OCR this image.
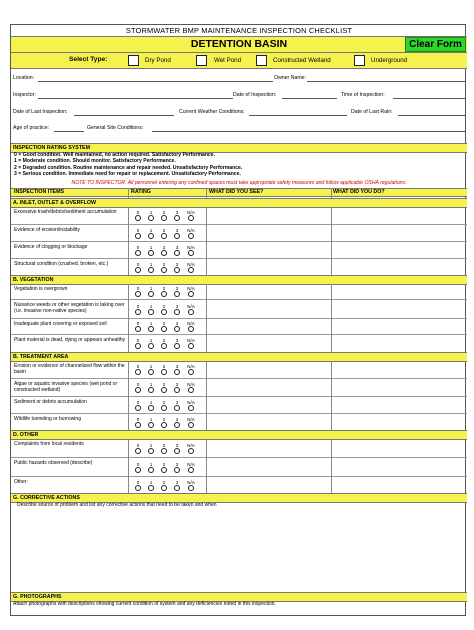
STORMWATER BMP MAINTENANCE INSPECTION CHECKLIST
DETENTION BASIN	Clear Form
Select Type:	Dry Pond	Wet Pond	Constructed Wetland	Underground
Location:	Owner Name:
Inspector:	Date of Inspection:	Time of Inspection:
Date of Last Inspection:	Current Weather Conditions:	Date of Last Rain:
Age of practice:	General Site Conditions:
INSPECTION RATING SYSTEM
0 = Good condition. Well maintained, no action required. Satisfactory Performance.
1 = Moderate condition. Should monitor. Satisfactory Performance.
2 = Degraded condition. Routine maintenance and repair needed. Unsatisfactory Performance.
3 = Serious condition. Immediate need for repair or replacement. Unsatisfactory Performance.
NOTE TO INSPECTOR: All personnel entering any confined spaces must take appropriate safety measures and follow applicable OSHA regulations.
INSPECTION ITEMS	RATING	WHAT DID YOU SEE?	WHAT DID YOU DO?
A. INLET, OUTLET & OVERFLOW
Excessive trash/debris/sediment accumulation	0	1	2	3	N/A
Evidence of erosion/instability	0	1	2	3	N/A
Evidence of clogging or blockage	0	1	2	3	N/A
Structural condition (crushed, broken, etc.)	0	1	2	3	N/A
B. VEGETATION
Vegetation is overgrown	0	1	2	3	N/A
Nuisance weeds or other vegetation is taking over (i.e. invasive non-native species)
0	1	2	3	N/A
Inadequate plant covering or exposed soil	0	1	2	3	N/A
Plant material is dead, dying or appears unhealthy	0	1	2	3	N/A
B. TREATMENT AREA
Erosion or evidence of channelized flow within the basin
0	1	2	3	N/A
Algae or aquatic invasive species (wet pond or constructed wetland)
0	1	2	3	N/A
Sediment or debris accumulation	0	1	2	3	N/A
Wildlife tunneling or burrowing	0	1	2	3	N/A
D. OTHER
Complaints from local residents	0	1	2	3	N/A
Public hazards observed (describe)	0	1	2	3	N/A
Other:	0	1	2	3	N/A
G. CORRECTIVE ACTIONS
Describe source of problem and list any corrective actions that need to be taken and when
G. PHOTOGRAPHS
Attach photographs with descriptions showing current condition of system and any deficiencies noted in this inspection.
